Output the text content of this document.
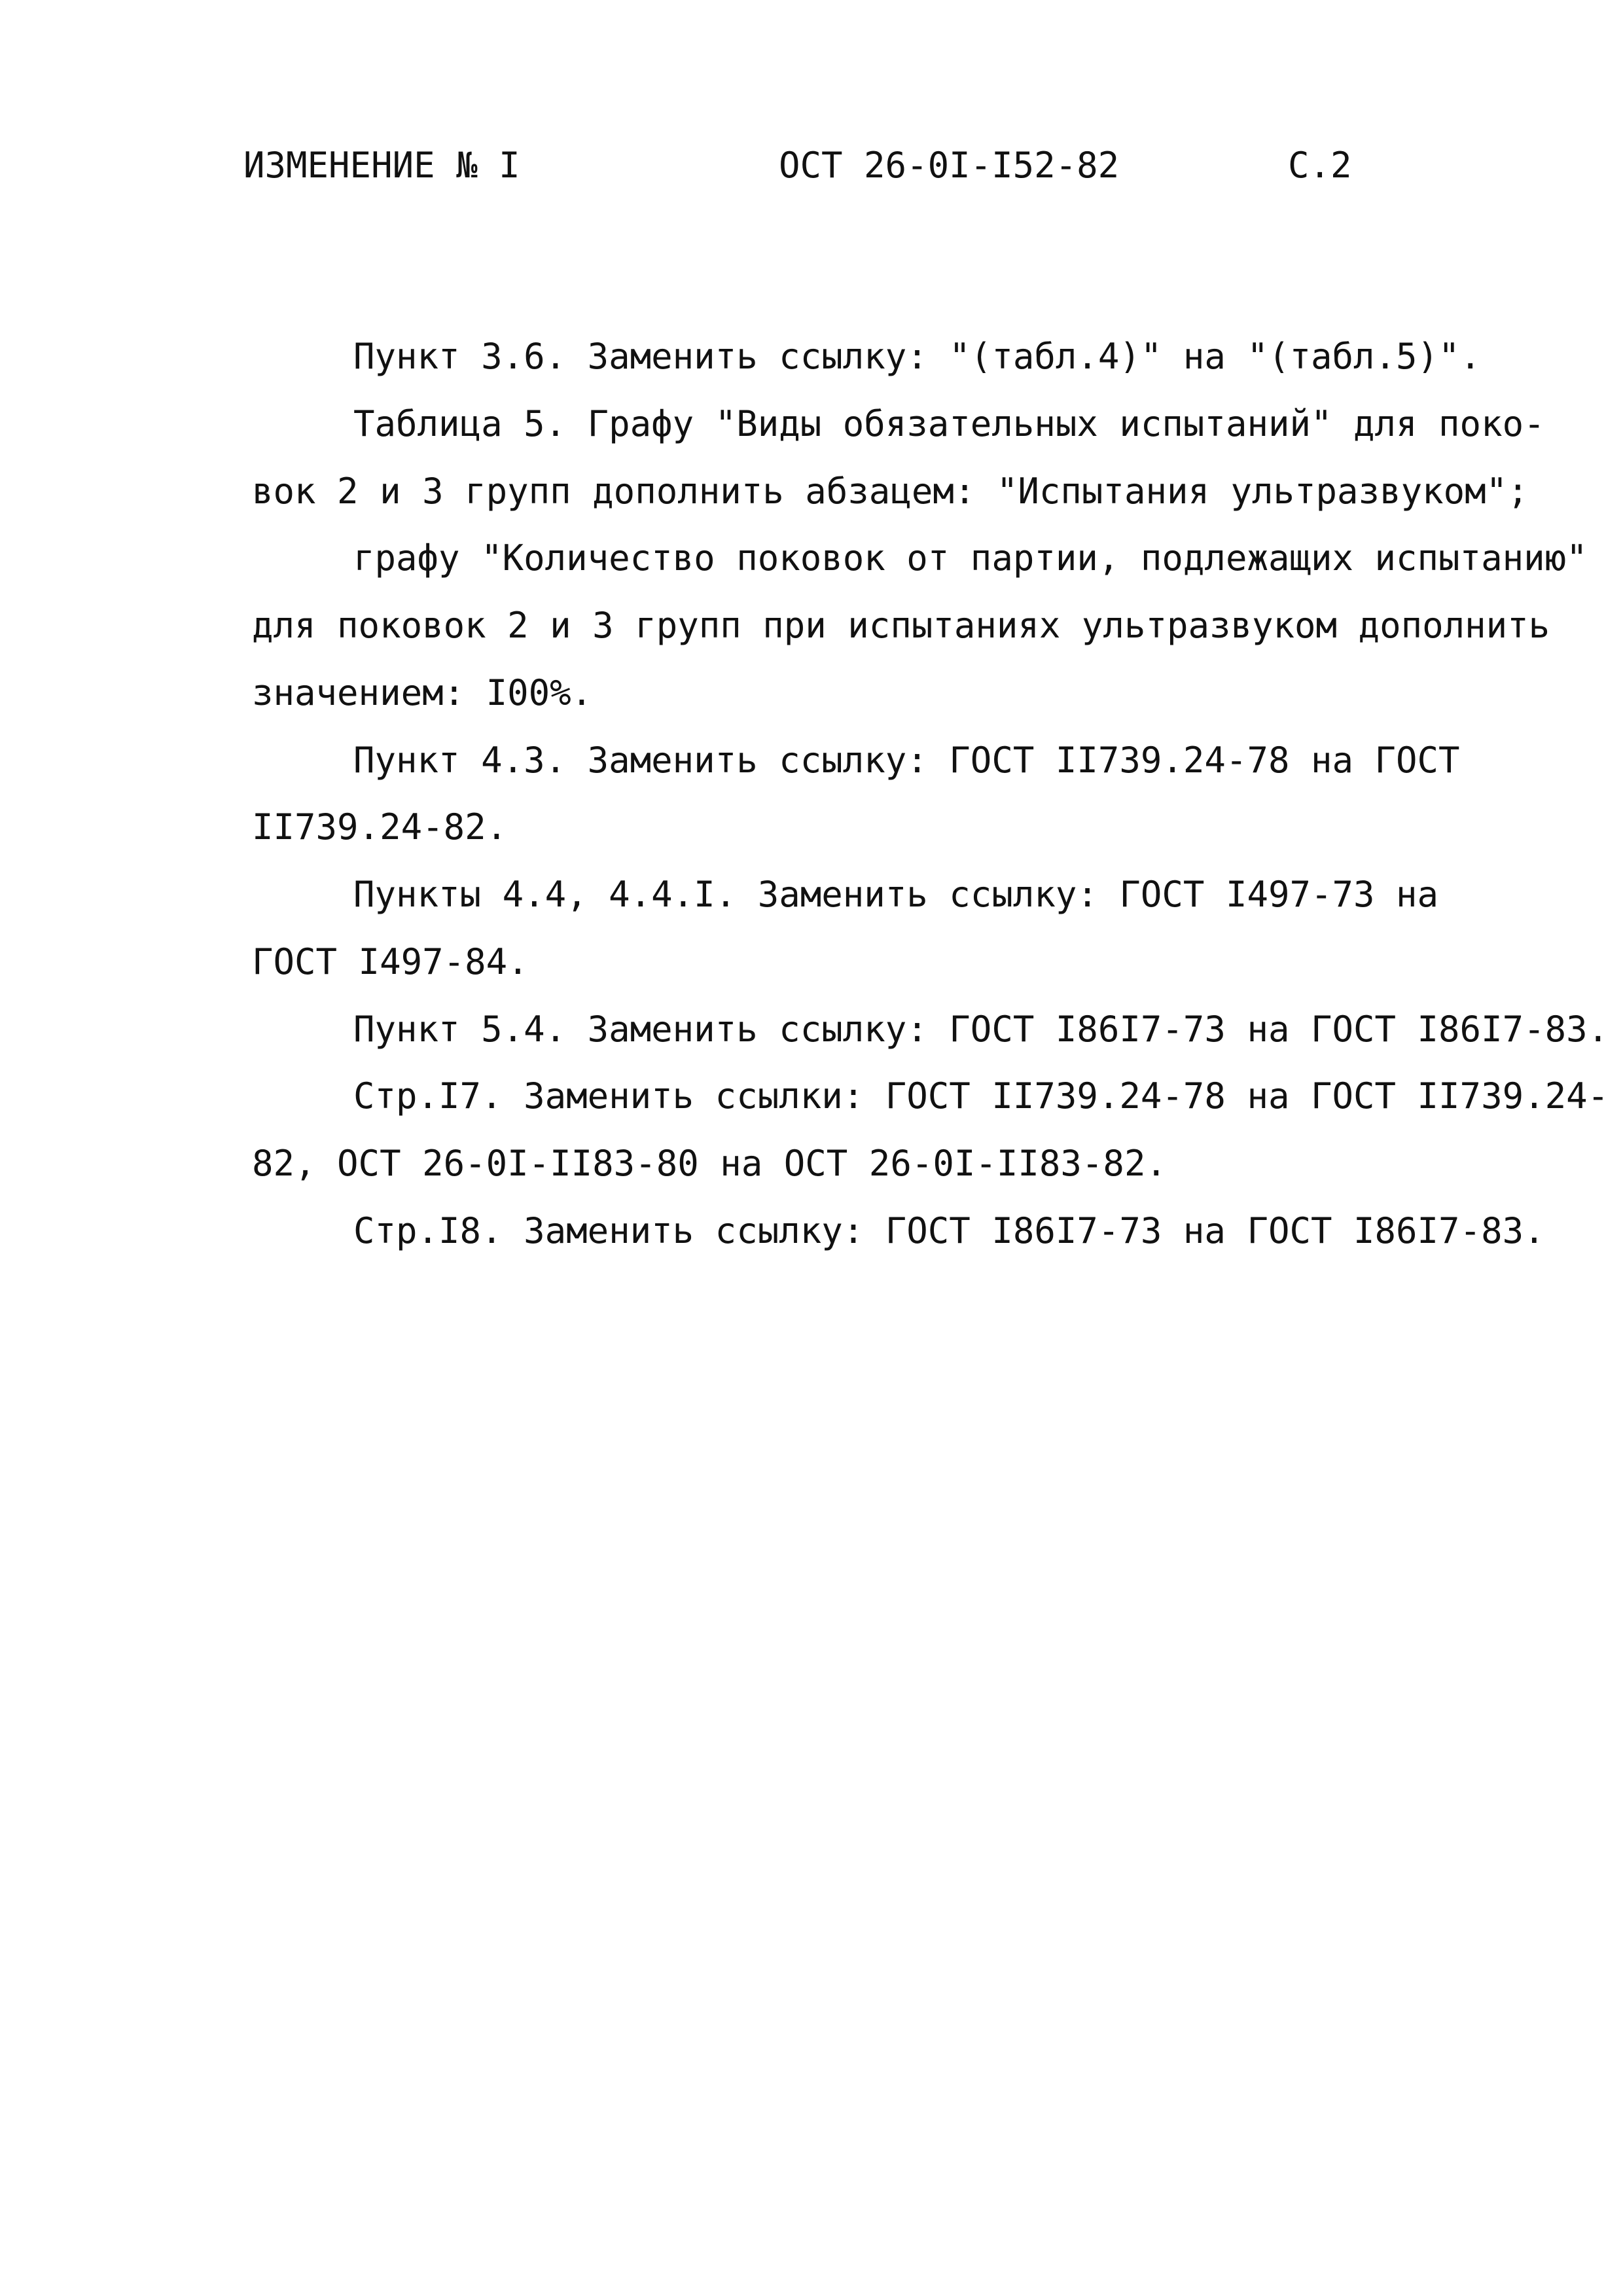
ИЗМЕНЕНИЕ № I	ОСТ 26-0I-I52-82	С.2
Пункт 3.6. Заменить ссылку: "(табл.4)" на "(табл.5)".
Таблица 5. Графу "Виды обязательных испытаний" для поко-
вок 2 и 3 групп дополнить абзацем: "Испытания ультразвуком";
графу "Количество поковок от партии, подлежащих испытанию"
для поковок 2 и 3 групп при испытаниях ультразвуком дополнить
значением: I00%.
Пункт 4.3. Заменить ссылку: ГОСТ II739.24-78 на ГОСТ
II739.24-82.
Пункты 4.4, 4.4.I. Заменить ссылку: ГОСТ I497-73 на
ГОСТ I497-84.
Пункт 5.4. Заменить ссылку: ГОСТ I86I7-73 на ГОСТ I86I7-83.
Стр.I7. Заменить ссылки: ГОСТ II739.24-78 на ГОСТ II739.24-
82, ОСТ 26-0I-II83-80 на ОСТ 26-0I-II83-82.
Стр.I8. Заменить ссылку: ГОСТ I86I7-73 на ГОСТ I86I7-83.
